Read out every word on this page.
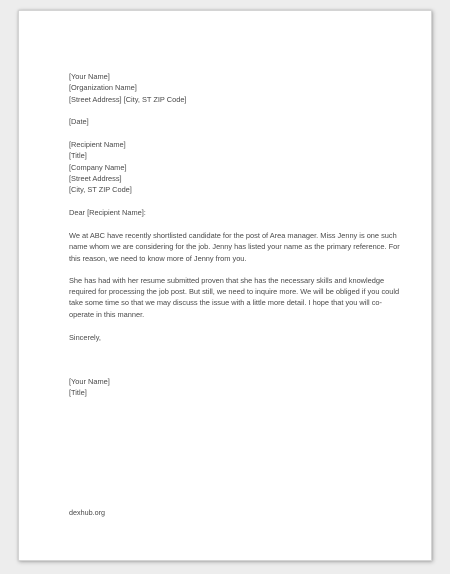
[Your Name]
[Organization Name]
[Street Address] [City, ST ZIP Code]
[Date]
[Recipient Name]
[Title]
[Company Name]
[Street Address]
[City, ST ZIP Code]
Dear [Recipient Name]:

We at ABC have recently shortlisted candidate for the post of Area manager. Miss Jenny is one such name whom we are considering for the job. Jenny has listed your name as the primary reference. For this reason, we need to know more of Jenny from you.

She has had with her resume submitted proven that she has the necessary skills and knowledge required for processing the job post. But still, we need to inquire more. We will be obliged if you could take some time so that we may discuss the issue with a little more detail. I hope that you will co-operate in this manner.

Sincerely,
[Your Name]
[Title]
dexhub.org
